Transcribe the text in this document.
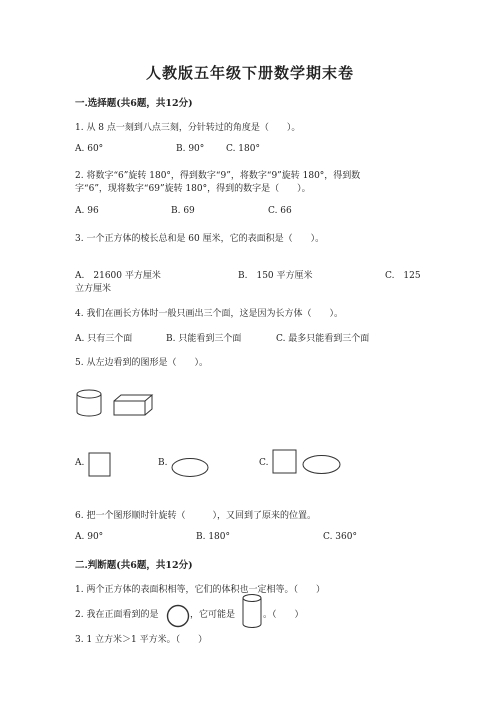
人教版五年级下册数学期末卷
一.选择题(共6题，共12分)
1. 从 8 点一刻到八点三刻，分针转过的角度是（　　）。
A. 60°	B. 90° C. 180°
2. 将数字“6”旋转 180°，得到数字“9”，将数字“9”旋转 180°，得到数
字“6”，现将数字“69”旋转 180°，得到的数字是（　　）。
A. 96	B. 69	C. 66
3. 一个正方体的棱长总和是 60 厘米，它的表面积是（　　）。
A.　21600 平方厘米	B.　150 平方厘米	C.　125
立方厘米
4. 我们在画长方体时一般只画出三个面，这是因为长方体（　　）。
A. 只有三个面	B. 只能看到三个面	C. 最多只能看到三个面
5. 从左边看到的图形是（　　）。
A.	B.	C.
6. 把一个图形顺时针旋转（　　　），又回到了原来的位置。
A. 90°	B. 180°	C. 360°
二.判断题(共6题，共12分)
1. 两个正方体的表面积相等，它们的体积也一定相等。（　　）
2. 我在正面看到的是	，它可能是	。（　　）
3. 1 立方米＞1 平方米。（　　）
